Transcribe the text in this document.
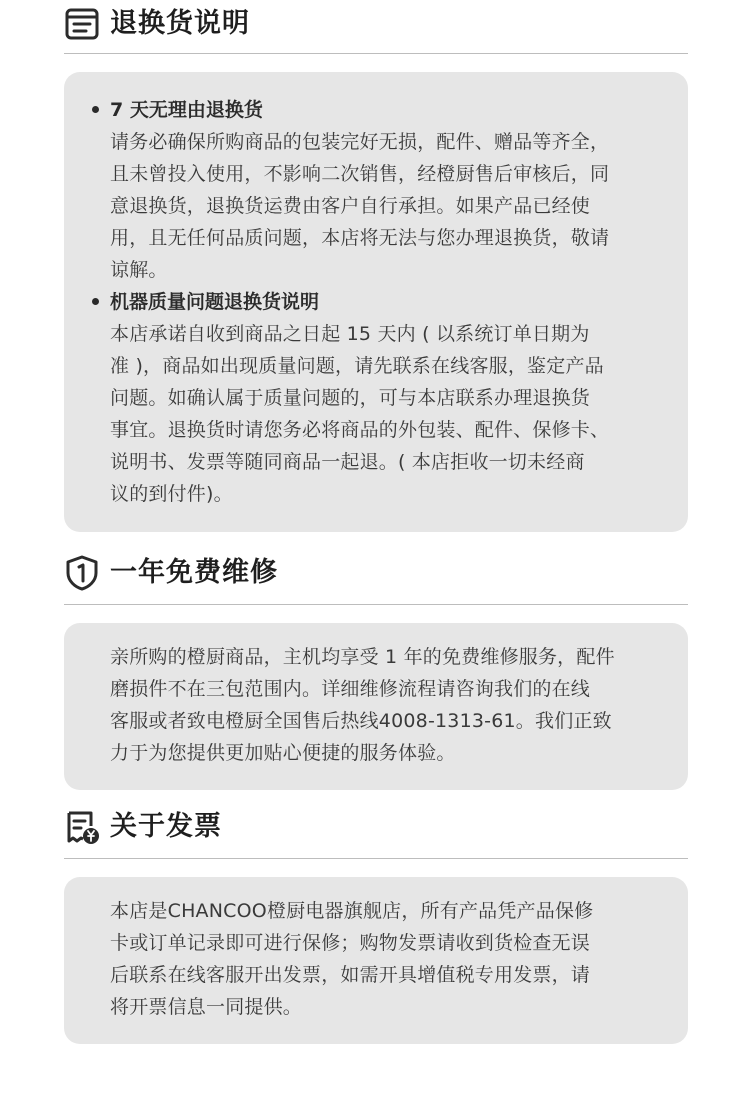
退换货说明
7 天无理由退换货
请务必确保所购商品的包装完好无损，配件、赠品等齐全，
且未曾投入使用，不影响二次销售，经橙厨售后审核后，同
意退换货，退换货运费由客户自行承担。如果产品已经使
用，且无任何品质问题，本店将无法与您办理退换货，敬请
谅解。
机器质量问题退换货说明
本店承诺自收到商品之日起 15 天内 ( 以系统订单日期为
准 )，商品如出现质量问题，请先联系在线客服，鉴定产品
问题。如确认属于质量问题的，可与本店联系办理退换货
事宜。退换货时请您务必将商品的外包装、配件、保修卡、
说明书、发票等随同商品一起退。( 本店拒收一切未经商
议的到付件)。
一年免费维修
亲所购的橙厨商品，主机均享受 1 年的免费维修服务，配件
磨损件不在三包范围内。详细维修流程请咨询我们的在线
客服或者致电橙厨全国售后热线4008-1313-61。我们正致
力于为您提供更加贴心便捷的服务体验。
关于发票
本店是CHANCOO橙厨电器旗舰店，所有产品凭产品保修
卡或订单记录即可进行保修；购物发票请收到货检查无误
后联系在线客服开出发票，如需开具增值税专用发票，请
将开票信息一同提供。
